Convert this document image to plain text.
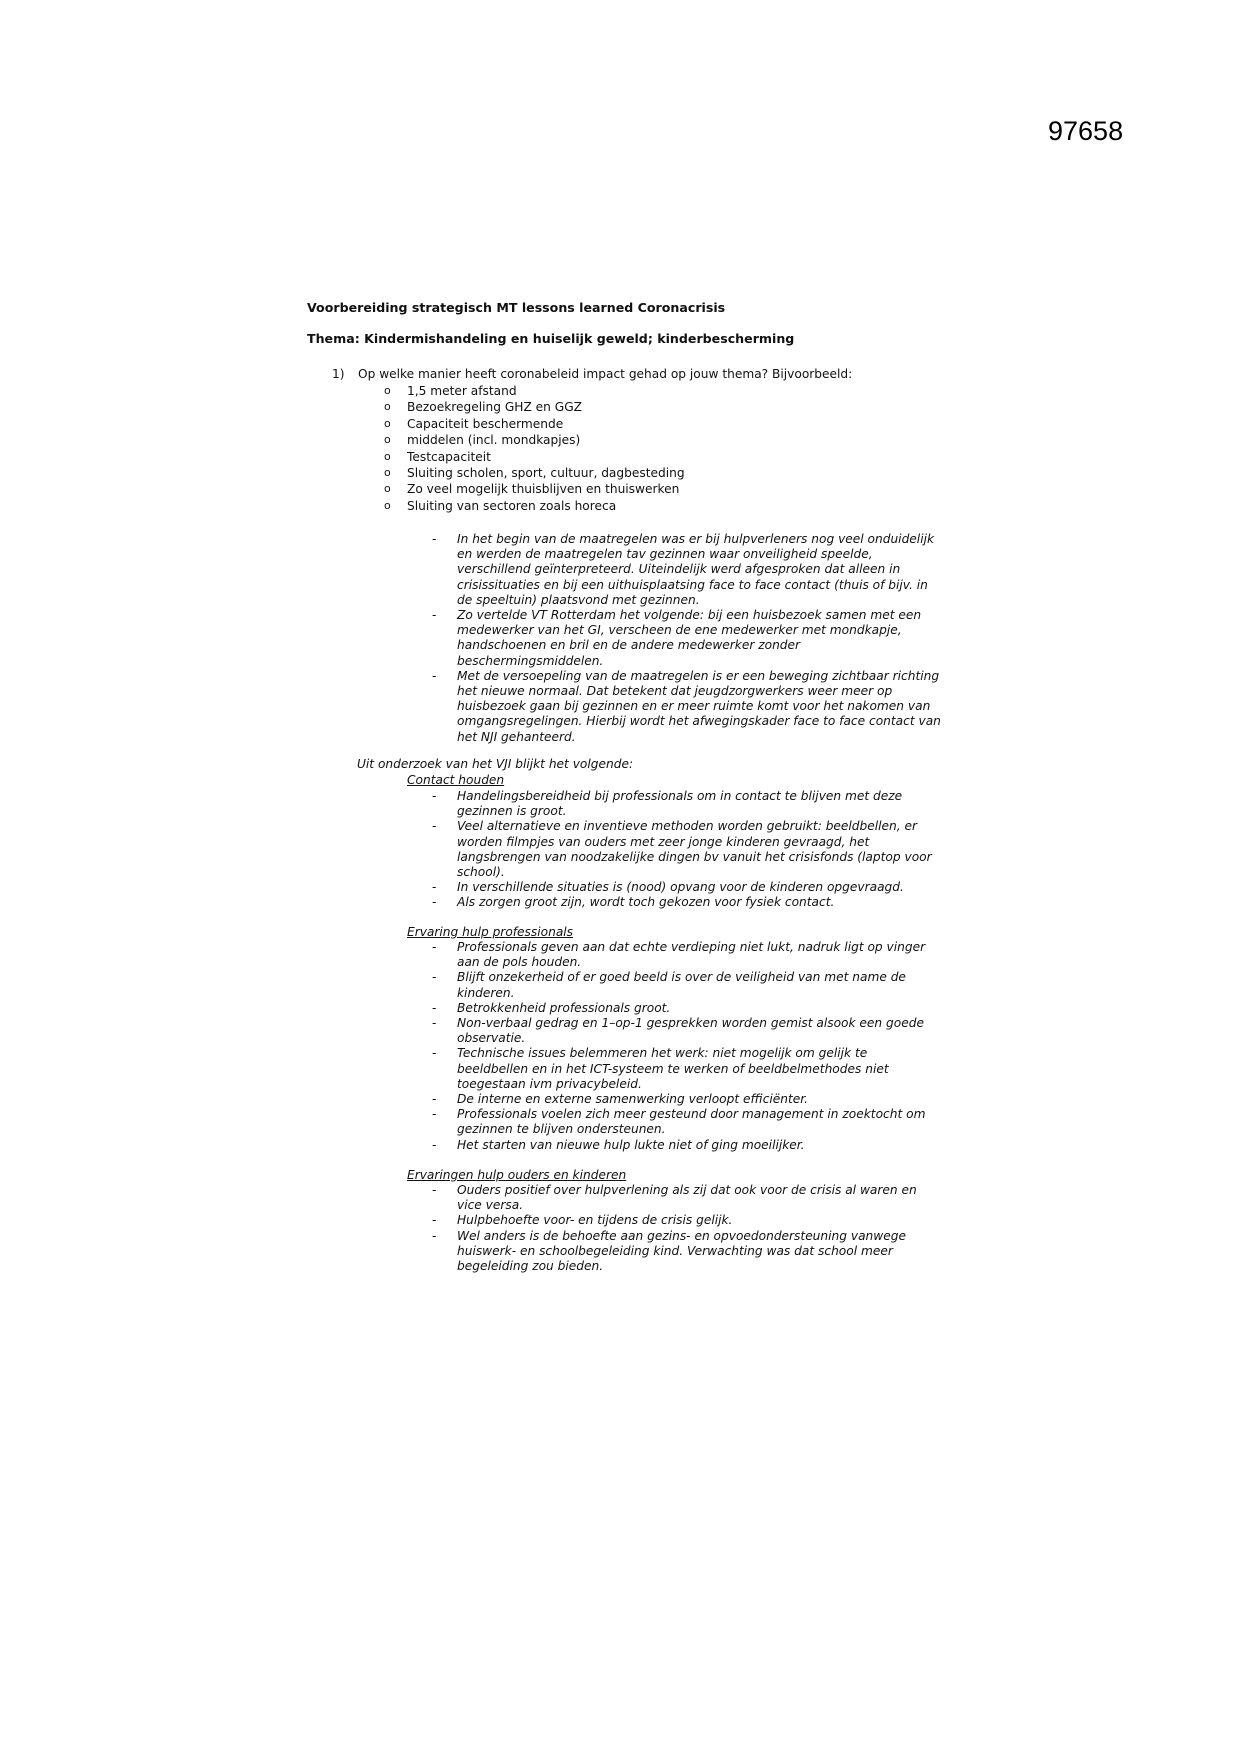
97658
Voorbereiding strategisch MT lessons learned Coronacrisis
Thema: Kindermishandeling en huiselijk geweld; kinderbescherming
1) Op welke manier heeft coronabeleid impact gehad op jouw thema? Bijvoorbeeld:
o 1,5 meter afstand
o Bezoekregeling GHZ en GGZ
o Capaciteit beschermende
o middelen (incl. mondkapjes)
o Testcapaciteit
o Sluiting scholen, sport, cultuur, dagbesteding
o Zo veel mogelijk thuisblijven en thuiswerken
o Sluiting van sectoren zoals horeca
- In het begin van de maatregelen was er bij hulpverleners nog veel onduidelijk en werden de maatregelen tav gezinnen waar onveiligheid speelde, verschillend geïnterpreteerd. Uiteindelijk werd afgesproken dat alleen in crisissituaties en bij een uithuisplaatsing face to face contact (thuis of bijv. in de speeltuin) plaatsvond met gezinnen.
- Zo vertelde VT Rotterdam het volgende: bij een huisbezoek samen met een medewerker van het GI, verscheen de ene medewerker met mondkapje, handschoenen en bril en de andere medewerker zonder beschermingsmiddelen.
- Met de versoepeling van de maatregelen is er een beweging zichtbaar richting het nieuwe normaal. Dat betekent dat jeugdzorgwerkers weer meer op huisbezoek gaan bij gezinnen en er meer ruimte komt voor het nakomen van omgangsregelingen. Hierbij wordt het afwegingskader face to face contact van het NJI gehanteerd.
Uit onderzoek van het VJI blijkt het volgende:
Contact houden
- Handelingsbereidheid bij professionals om in contact te blijven met deze gezinnen is groot.
- Veel alternatieve en inventieve methoden worden gebruikt: beeldbellen, er worden filmpjes van ouders met zeer jonge kinderen gevraagd, het langsbrengen van noodzakelijke dingen bv vanuit het crisisfonds (laptop voor school).
- In verschillende situaties is (nood) opvang voor de kinderen opgevraagd.
- Als zorgen groot zijn, wordt toch gekozen voor fysiek contact.
Ervaring hulp professionals
- Professionals geven aan dat echte verdieping niet lukt, nadruk ligt op vinger aan de pols houden.
- Blijft onzekerheid of er goed beeld is over de veiligheid van met name de kinderen.
- Betrokkenheid professionals groot.
- Non-verbaal gedrag en 1–op-1 gesprekken worden gemist alsook een goede observatie.
- Technische issues belemmeren het werk: niet mogelijk om gelijk te beeldbellen en in het ICT-systeem te werken of beeldbelmethodes niet toegestaan ivm privacybeleid.
- De interne en externe samenwerking verloopt efficiënter.
- Professionals voelen zich meer gesteund door management in zoektocht om gezinnen te blijven ondersteunen.
- Het starten van nieuwe hulp lukte niet of ging moeilijker.
Ervaringen hulp ouders en kinderen
- Ouders positief over hulpverlening als zij dat ook voor de crisis al waren en vice versa.
- Hulpbehoefte voor- en tijdens de crisis gelijk.
- Wel anders is de behoefte aan gezins- en opvoedondersteuning vanwege huiswerk- en schoolbegeleiding kind. Verwachting was dat school meer begeleiding zou bieden.
